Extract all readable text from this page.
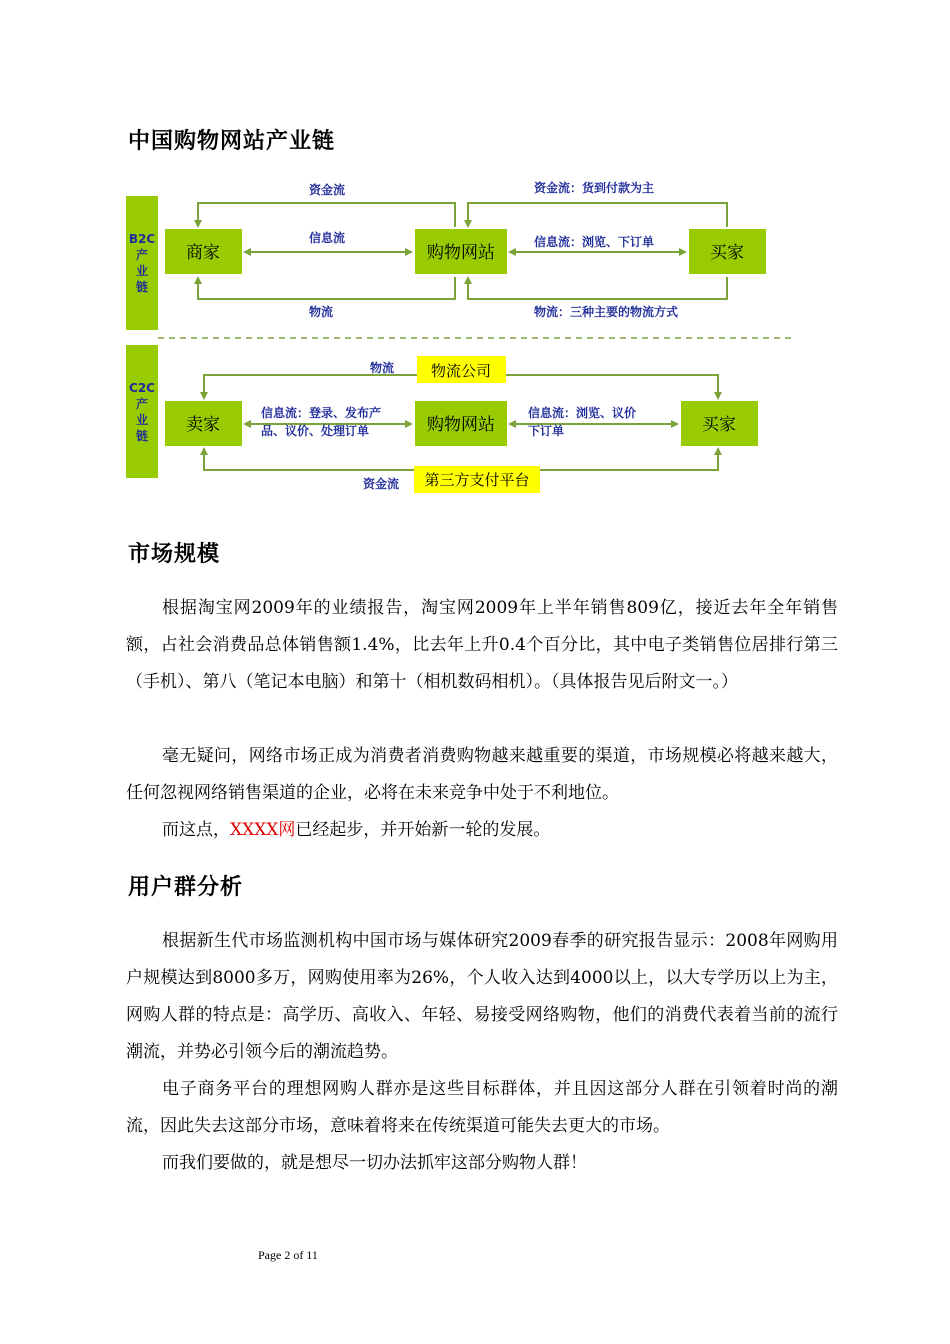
中国购物网站产业链
B2C
产
业
链
商家	购物网站	买家
资金流	资金流：货到付款为主
信息流	信息流：浏览、下订单
物流	物流：三种主要的物流方式
C2C
产
业
链
卖家	购物网站	买家
物流公司
物流
信息流：登录、发布产
品、议价、处理订单
信息流：浏览、议价
下订单
第三方支付平台
资金流
市场规模
根据淘宝网2009年的业绩报告，淘宝网2009年上半年销售809亿，接近去年全年销售额，占社会消费品总体销售额1.4%，比去年上升0.4个百分比，其中电子类销售位居排行第三（手机）、第八（笔记本电脑）和第十（相机数码相机）。（具体报告见后附文一。）
毫无疑问，网络市场正成为消费者消费购物越来越重要的渠道，市场规模必将越来越大，任何忽视网络销售渠道的企业，必将在未来竞争中处于不利地位。
而这点，XXXX网已经起步，并开始新一轮的发展。
用户群分析
根据新生代市场监测机构中国市场与媒体研究2009春季的研究报告显示：2008年网购用户规模达到8000多万，网购使用率为26%，个人收入达到4000以上，以大专学历以上为主，网购人群的特点是：高学历、高收入、年轻、易接受网络购物，他们的消费代表着当前的流行潮流，并势必引领今后的潮流趋势。
电子商务平台的理想网购人群亦是这些目标群体，并且因这部分人群在引领着时尚的潮流，因此失去这部分市场，意味着将来在传统渠道可能失去更大的市场。
而我们要做的，就是想尽一切办法抓牢这部分购物人群！
Page 2 of 11
